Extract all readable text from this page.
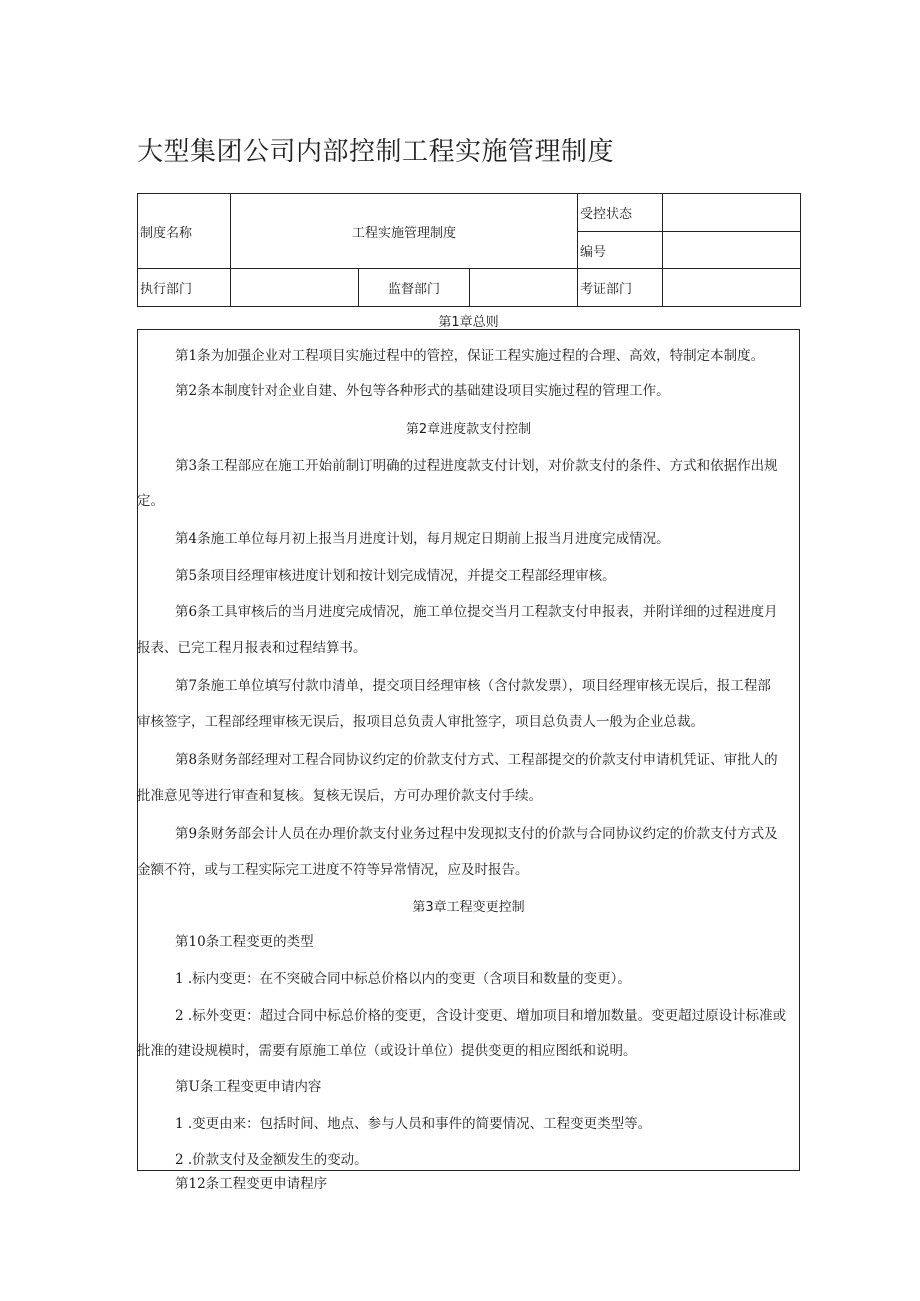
大型集团公司内部控制工程实施管理制度
制度名称	工程实施管理制度			受控状态	
				编号	
执行部门		监督部门		考证部门	
第1章总则

第1条为加强企业对工程项目实施过程中的管控，保证工程实施过程的合理、高效，特制定本制度。

第2条本制度针对企业自建、外包等各种形式的基础建设项目实施过程的管理工作。

第2章进度款支付控制

第3条工程部应在施工开始前制订明确的过程进度款支付计划，对价款支付的条件、方式和依据作出规

定。

第4条施工单位每月初上报当月进度计划，每月规定日期前上报当月进度完成情况。

第5条项目经理审核进度计划和按计划完成情况，并提交工程部经理审核。

第6条工具审核后的当月进度完成情况，施工单位提交当月工程款支付申报表，并附详细的过程进度月

报表、已完工程月报表和过程结算书。

第7条施工单位填写付款巾清单，提交项目经理审核（含付款发票），项目经理审核无误后，报工程部

审核签字，工程部经理审核无误后，报项目总负责人审批签字，项目总负责人一般为企业总裁。

第8条财务部经理对工程合同协议约定的价款支付方式、工程部提交的价款支付申请机凭证、审批人的

批准意见等进行审查和复核。复核无误后，方可办理价款支付手续。

第9条财务部会计人员在办理价款支付业务过程中发现拟支付的价款与合同协议约定的价款支付方式及

金额不符，或与工程实际完工进度不符等异常情况，应及时报告。

第3章工程变更控制

第10条工程变更的类型

1 .标内变更：在不突破合同中标总价格以内的变更（含项目和数量的变更）。

2 .标外变更：超过合同中标总价格的变更，含设计变更、增加项目和增加数量。变更超过原设计标准或

批准的建设规模时，需要有原施工单位（或设计单位）提供变更的相应图纸和说明。

第U条工程变更申请内容

1 .变更由来：包括时间、地点、参与人员和事件的简要情况、工程变更类型等。

2 .价款支付及金额发生的变动。

第12条工程变更申请程序
